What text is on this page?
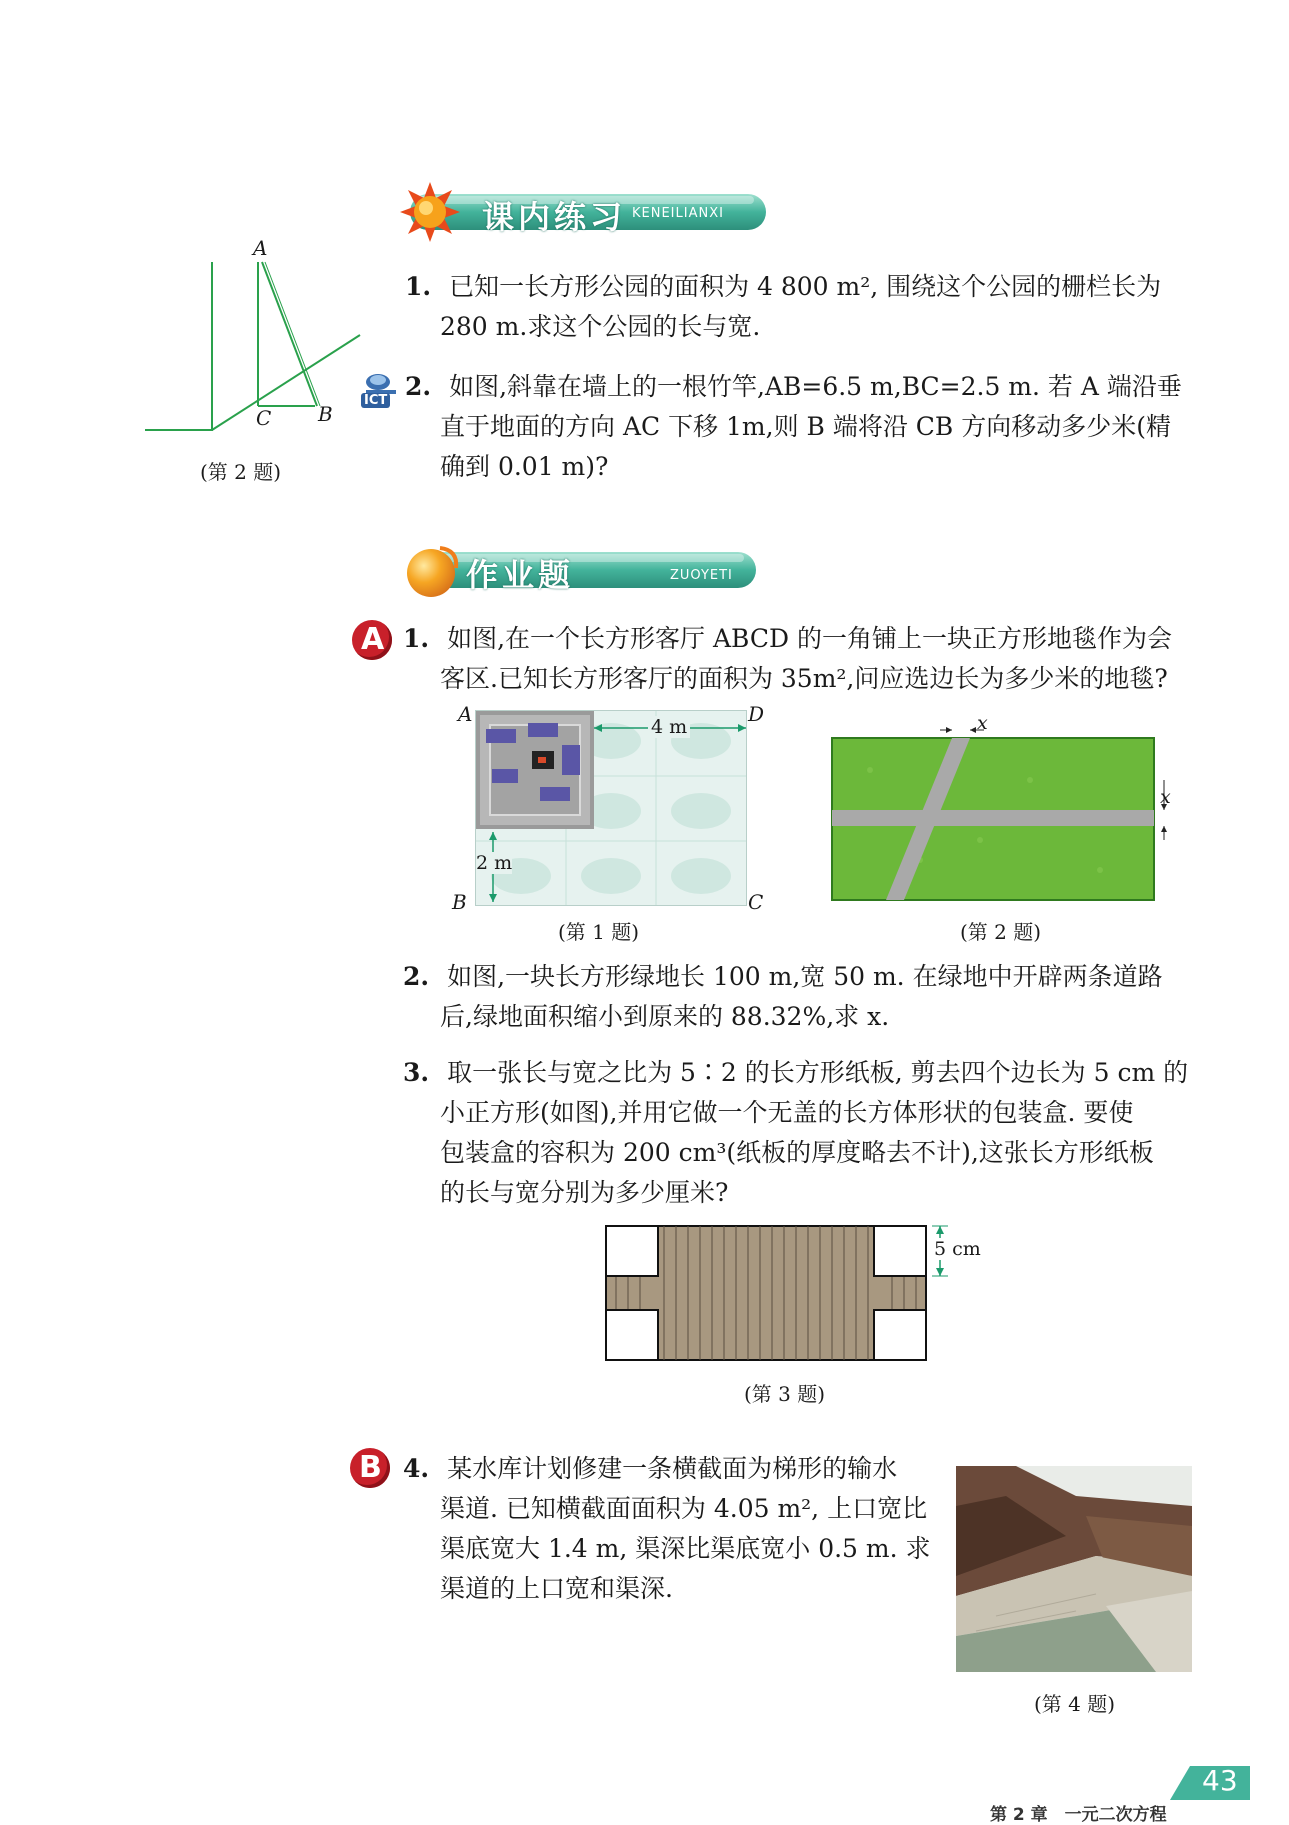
课内练习 KENEILIANXI
A
C B
(第 2 题)
1. 已知一长方形公园的面积为 4 800 m², 围绕这个公园的栅栏长为
280 m.求这个公园的长与宽.
ICT 2. 如图,斜靠在墙上的一根竹竿,AB=6.5 m,BC=2.5 m. 若 A 端沿垂
直于地面的方向 AC 下移 1m,则 B 端将沿 CB 方向移动多少米(精
确到 0.01 m)?
作业题	ZUOYETI
A 1. 如图,在一个长方形客厅 ABCD 的一角铺上一块正方形地毯作为会
客区.已知长方形客厅的面积为 35m²,问应选边长为多少米的地毯?
4 m
2 m
A	D
B	C
(第 1 题)
x
x
(第 2 题)
2. 如图,一块长方形绿地长 100 m,宽 50 m. 在绿地中开辟两条道路
后,绿地面积缩小到原来的 88.32%,求 x.
3. 取一张长与宽之比为 5∶2 的长方形纸板, 剪去四个边长为 5 cm 的
小正方形(如图),并用它做一个无盖的长方体形状的包装盒. 要使
包装盒的容积为 200 cm³(纸板的厚度略去不计),这张长方形纸板
的长与宽分别为多少厘米?
5 cm
(第 3 题)
B 4. 某水库计划修建一条横截面为梯形的输水
渠道. 已知横截面面积为 4.05 m², 上口宽比
渠底宽大 1.4 m, 渠深比渠底宽小 0.5 m. 求
渠道的上口宽和渠深.
(第 4 题)
第 2 章　一元二次方程
43
